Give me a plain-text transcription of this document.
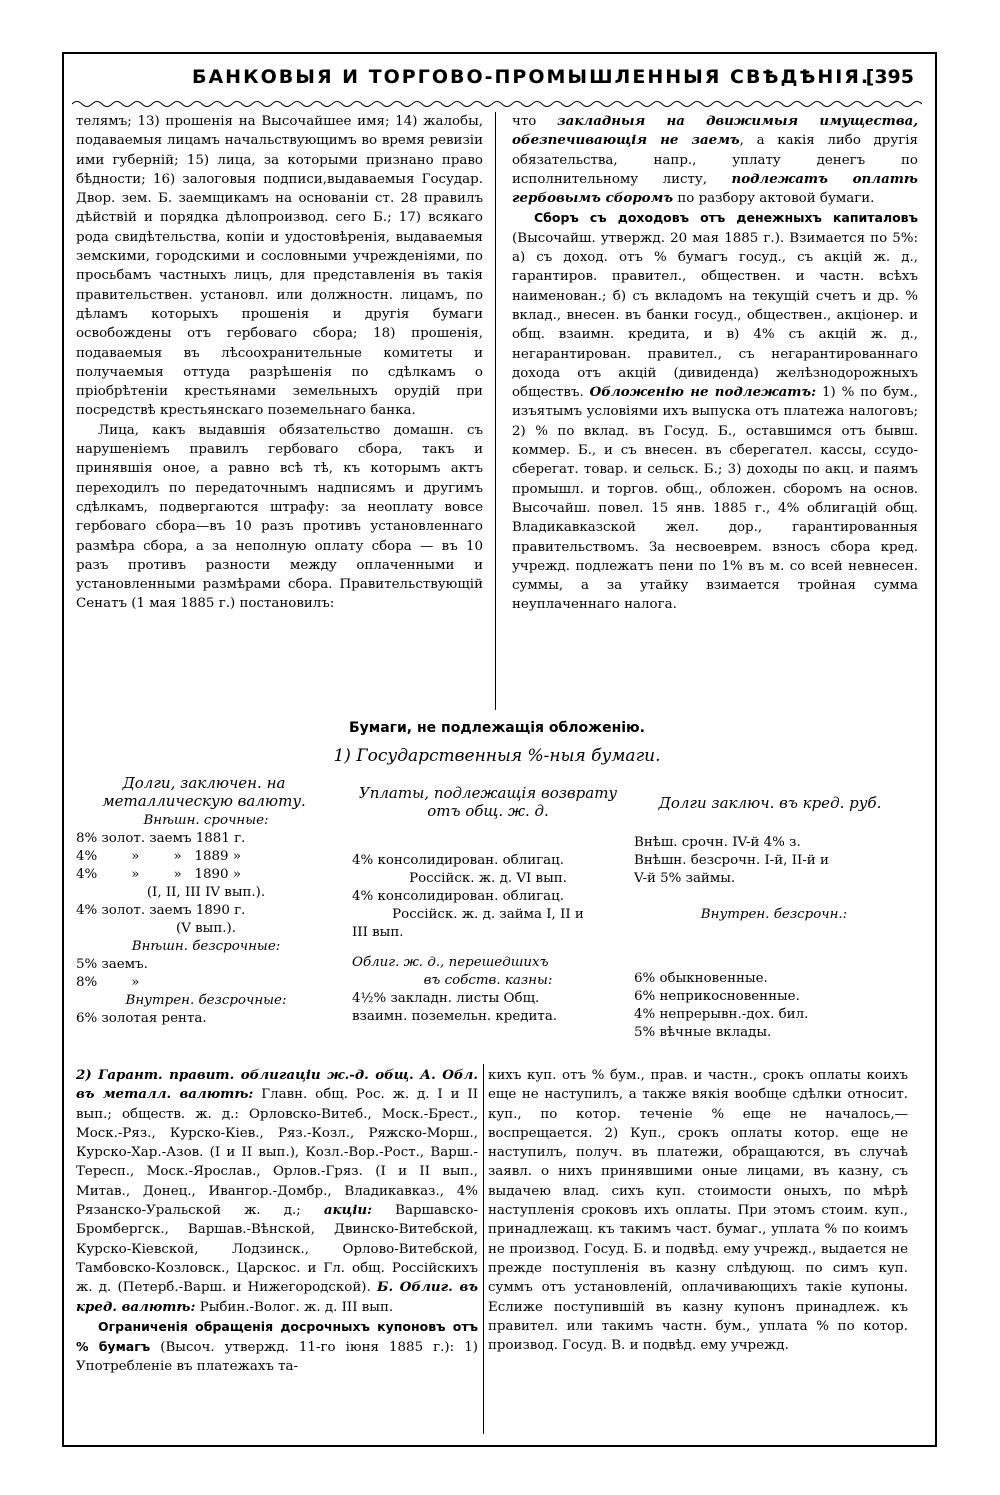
БАНКОВЫЯ И ТОРГОВО-ПРОМЫШЛЕННЫЯ СВѢДѢНIЯ.
[395

телямъ; 13) прошенія на Высочайшее имя; 14) жалобы, подаваемыя лицамъ начальствующимъ во время ревизіи ими губерній; 15) лица, за которыми признано право бѣдности; 16) залоговыя подписи,выдаваемыя Государ. Двор. зем. Б. заемщикамъ на основаніи ст. 28 правилъ дѣйствій и порядка дѣлопроизвод. сего Б.; 17) всякаго рода свидѣтельства, копіи и удостовѣренія, выдаваемыя земскими, городскими и сословными учрежденіями, по просьбамъ частныхъ лицъ, для представленія въ такія правительствен. установл. или должностн. лицамъ, по дѣламъ которыхъ прошенія и другія бумаги освобождены отъ гербоваго сбора; 18) прошенія, подаваемыя въ лѣсоохранительные комитеты и получаемыя оттуда разрѣшенія по сдѣлкамъ о пріобрѣтеніи крестьянами земельныхъ орудій при посредствѣ крестьянскаго поземельнаго банка.

Лица, какъ выдавшія обязательство домашн. съ нарушеніемъ правилъ гербоваго сбора, такъ и принявшія оное, а равно всѣ тѣ, къ которымъ актъ переходилъ по передаточнымъ надписямъ и другимъ сдѣлкамъ, подвергаются штрафу: за неоплату вовсе гербоваго сбора—въ 10 разъ противъ установленнаго размѣра сбора, а за неполную оплату сбора — въ 10 разъ противъ разности между оплаченными и установленными размѣрами сбора. Правительствующій Сенатъ (1 мая 1885 г.) постановилъ:

что закладныя на движимыя имущества, обезпечивающія не заемъ, а какія либо другія обязательства, напр., уплату денегъ по исполнительному листу, подлежатъ оплатѣ гербовымъ сборомъ по разбору актовой бумаги.

Сборъ съ доходовъ отъ денежныхъ капиталовъ (Высочайш. утвержд. 20 мая 1885 г.). Взимается по 5%: а) съ доход. отъ % бумагъ госуд., съ акцій ж. д., гарантиров. правител., обществен. и частн. всѣхъ наименован.; б) съ вкладомъ на текущій счетъ и др. % вклад., внесен. въ банки госуд., обществен., акціонер. и общ. взаимн. кредита, и в) 4% съ акцій ж. д., негарантирован. правител., съ негарантированнаго дохода отъ акцій (дивиденда) желѣзнодорожныхъ обществъ. Обложенію не подлежатъ: 1) % по бум., изъятымъ условіями ихъ выпуска отъ платежа налоговъ; 2) % по вклад. въ Госуд. Б., оставшимся отъ бывш. коммер. Б., и съ внесен. въ сберегател. кассы, ссудо-сберегат. товар. и сельск. Б.; 3) доходы по акц. и паямъ промышл. и торгов. общ., обложен. сборомъ на основ. Высочайш. повел. 15 янв. 1885 г., 4% облигацій общ. Владикавказской жел. дор., гарантированныя правительствомъ. За несвоеврем. взносъ сбора кред. учрежд. подлежатъ пени по 1% въ м. со всей невнесен. суммы, а за утайку взимается тройная сумма неуплаченнаго налога.

Бумаги, не подлежащія обложенію.
1) Государственныя %-ныя бумаги.
Долги, заключен. на металлическую валюту.	Уплаты, подлежащія возврату отъ общ. ж. д.	Долги заключ. въ кред. руб.
Внѣшн. срочные:
8% золот. заемъ 1881 г.
4%        »        »   1889 »
4%        »        »   1890 »
(I, II, III IV вып.).
4% золот. заемъ 1890 г.
(V вып.).
Внѣшн. безсрочные:
5% заемъ.
8%        »
Внутрен. безсрочные:
6% золотая рента.
4% консолидирован. облигац.
Россійск. ж. д. VI вып.
4% консолидирован. облигац.
Россійск. ж. д. займа I, II и
III вып.
Облиг. ж. д., перешедшихъ
въ собств. казны:
4½% закладн. листы Общ.
взаимн. поземельн. кредита.
Внѣш. срочн. IV-й 4% з.
Внѣшн. безсрочн. I-й, II-й и
V-й 5% займы.
Внутрен. безсрочн.:
6% обыкновенные.
6% неприкосновенные.
4% непрерывн.-дох. бил.
5% вѣчные вклады.

2) Гарант. правит. облигаціи ж.-д. общ. А. Обл. въ металл. валютѣ: Главн. общ. Рос. ж. д. I и II вып.; обществ. ж. д.: Орловско-Витеб., Моск.-Брест., Моск.-Ряз., Курско-Кіев., Ряз.-Козл., Ряжско-Морш., Курско-Хар.-Азов. (I и II вып.), Козл.-Вор.-Рост., Варш.-Тересп., Моск.-Ярослав., Орлов.-Гряз. (I и II вып., Митав., Донец., Ивангор.-Домбр., Владикавказ., 4% Рязанско-Уральской ж. д.; акціи: Варшавско-Бромбергск., Варшав.-Вѣнской, Двинско-Витебской, Курско-Кіевской, Лодзинск., Орлово-Витебской, Тамбовско-Козловск., Царскос. и Гл. общ. Россійскихъ ж. д. (Петерб.-Варш. и Нижегородской). Б. Облиг. въ кред. валютѣ: Рыбин.-Волог. ж. д. III вып.

Ограниченія обращенія досрочныхъ купоновъ отъ % бумагъ (Высоч. утвержд. 11-го іюня 1885 г.): 1) Употребленіе въ платежахъ та-

кихъ куп. отъ % бум., прав. и частн., срокъ оплаты коихъ еще не наступилъ, а также вякія вообще сдѣлки относит. куп., по котор. теченіе % еще не началось,—воспрещается. 2) Куп., срокъ оплаты котор. еще не наступилъ, получ. въ платежи, обращаются, въ случаѣ заявл. о нихъ принявшими оные лицами, въ казну, съ выдачею влад. сихъ куп. стоимости оныхъ, по мѣрѣ наступленія сроковъ ихъ оплаты. При этомъ стоим. куп., принадлежащ. къ такимъ част. бумаг., уплата % по коимъ не производ. Госуд. Б. и подвѣд. ему учрежд., выдается не прежде поступленія въ казну слѣдующ. по симъ куп. суммъ отъ установленій, оплачивающихъ такіе купоны. Еслиже поступившій въ казну купонъ принадлеж. къ правител. или такимъ частн. бум., уплата % по котор. производ. Госуд. В. и подвѣд. ему учрежд.
